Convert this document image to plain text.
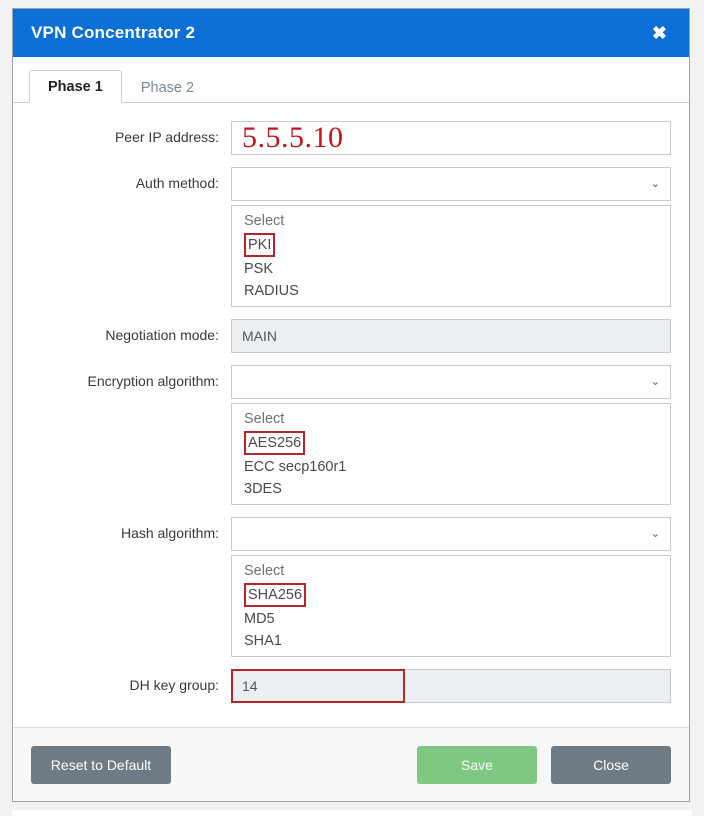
VPN Concentrator 2	✖
Phase 1	Phase 2
Peer IP address: 5.5.5.10
Auth method:	⌄
Select
PKI
PSK
RADIUS
Negotiation mode:	MAIN
Encryption algorithm:	⌄
Select
AES256
ECC secp160r1
3DES
Hash algorithm:	⌄
Select
SHA256
MD5
SHA1
DH key group:	14
Reset to Default	Save	Close
